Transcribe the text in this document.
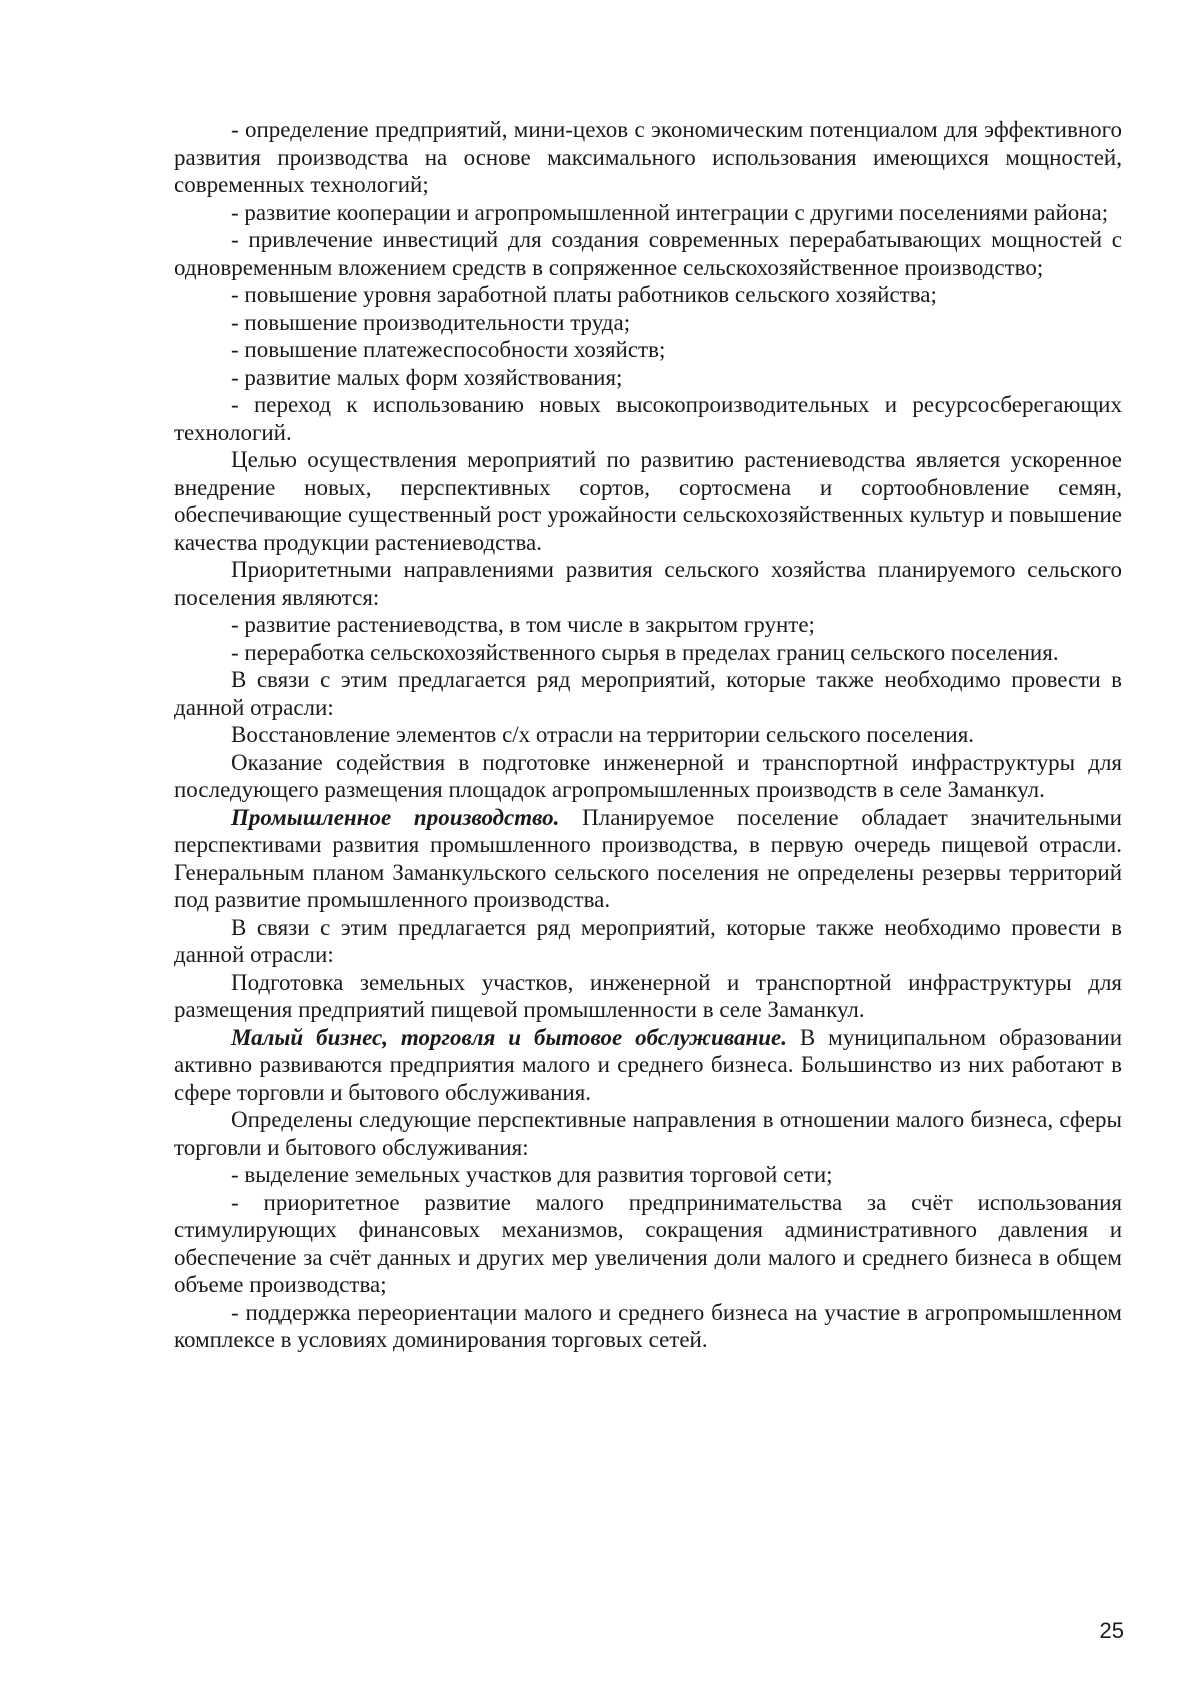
- определение предприятий, мини-цехов с экономическим потенциалом для эффективного развития производства на основе максимального использования имеющихся мощностей, современных технологий;

- развитие кооперации и агропромышленной интеграции с другими поселениями района;

- привлечение инвестиций для создания современных перерабатывающих мощностей с одновременным вложением средств в сопряженное сельскохозяйственное производство;

- повышение уровня заработной платы работников сельского хозяйства;

- повышение производительности труда;

- повышение платежеспособности хозяйств;

- развитие малых форм хозяйствования;

- переход к использованию новых высокопроизводительных и ресурсосберегающих технологий.

Целью осуществления мероприятий по развитию растениеводства является ускоренное внедрение новых, перспективных сортов, сортосмена и сортообновление семян, обеспечивающие существенный рост урожайности сельскохозяйственных культур и повышение качества продукции растениеводства.

Приоритетными направлениями развития сельского хозяйства планируемого сельского поселения являются:

- развитие растениеводства, в том числе в закрытом грунте;

- переработка сельскохозяйственного сырья в пределах границ сельского поселения.

В связи с этим предлагается ряд мероприятий, которые также необходимо провести в данной отрасли:

Восстановление элементов с/х отрасли на территории сельского поселения.

Оказание содействия в подготовке инженерной и транспортной инфраструктуры для последующего размещения площадок агропромышленных производств в селе Заманкул.

Промышленное производство. Планируемое поселение обладает значительными перспективами развития промышленного производства, в первую очередь пищевой отрасли. Генеральным планом Заманкульского сельского поселения не определены резервы территорий под развитие промышленного производства.

В связи с этим предлагается ряд мероприятий, которые также необходимо провести в данной отрасли:

Подготовка земельных участков, инженерной и транспортной инфраструктуры для размещения предприятий пищевой промышленности в селе Заманкул.

Малый бизнес, торговля и бытовое обслуживание. В муниципальном образовании активно развиваются предприятия малого и среднего бизнеса. Большинство из них работают в сфере торговли и бытового обслуживания.

Определены следующие перспективные направления в отношении малого бизнеса, сферы торговли и бытового обслуживания:

- выделение земельных участков для развития торговой сети;

- приоритетное развитие малого предпринимательства за счёт использования стимулирующих финансовых механизмов, сокращения административного давления и обеспечение за счёт данных и других мер увеличения доли малого и среднего бизнеса в общем объеме производства;

- поддержка переориентации малого и среднего бизнеса на участие в агропромышленном комплексе в условиях доминирования торговых сетей.

25
